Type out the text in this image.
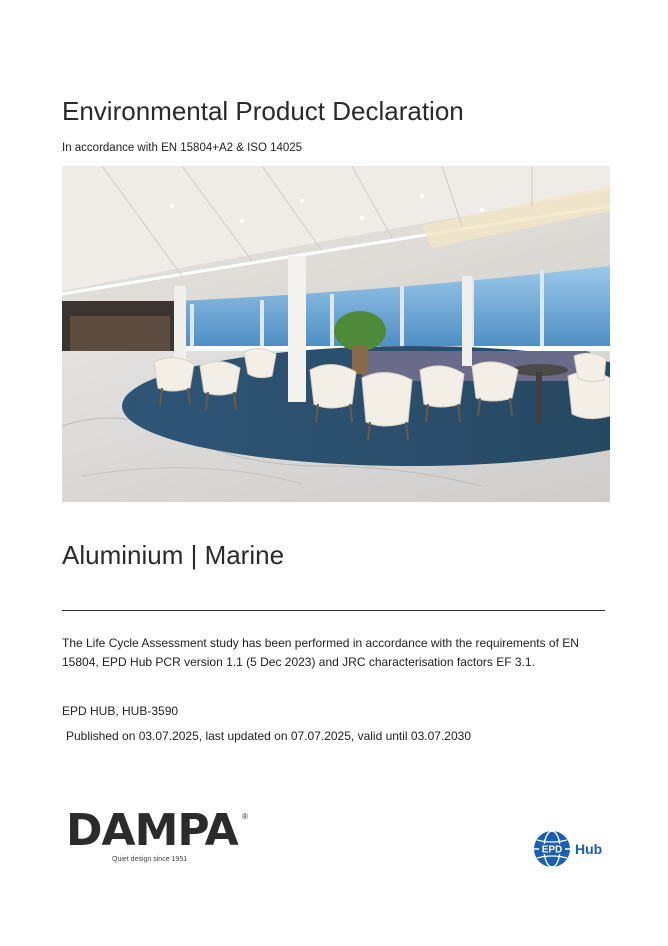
Environmental Product Declaration
In accordance with EN 15804+A2 & ISO 14025
Aluminium | Marine
The Life Cycle Assessment study has been performed in accordance with the requirements of EN 15804, EPD Hub PCR version 1.1 (5 Dec 2023) and JRC characterisation factors EF 3.1.
EPD HUB, HUB-3590
Published on 03.07.2025, last updated on 07.07.2025, valid until 03.07.2030
DAMPA ®
Quiet design since 1951
EPD Hub
